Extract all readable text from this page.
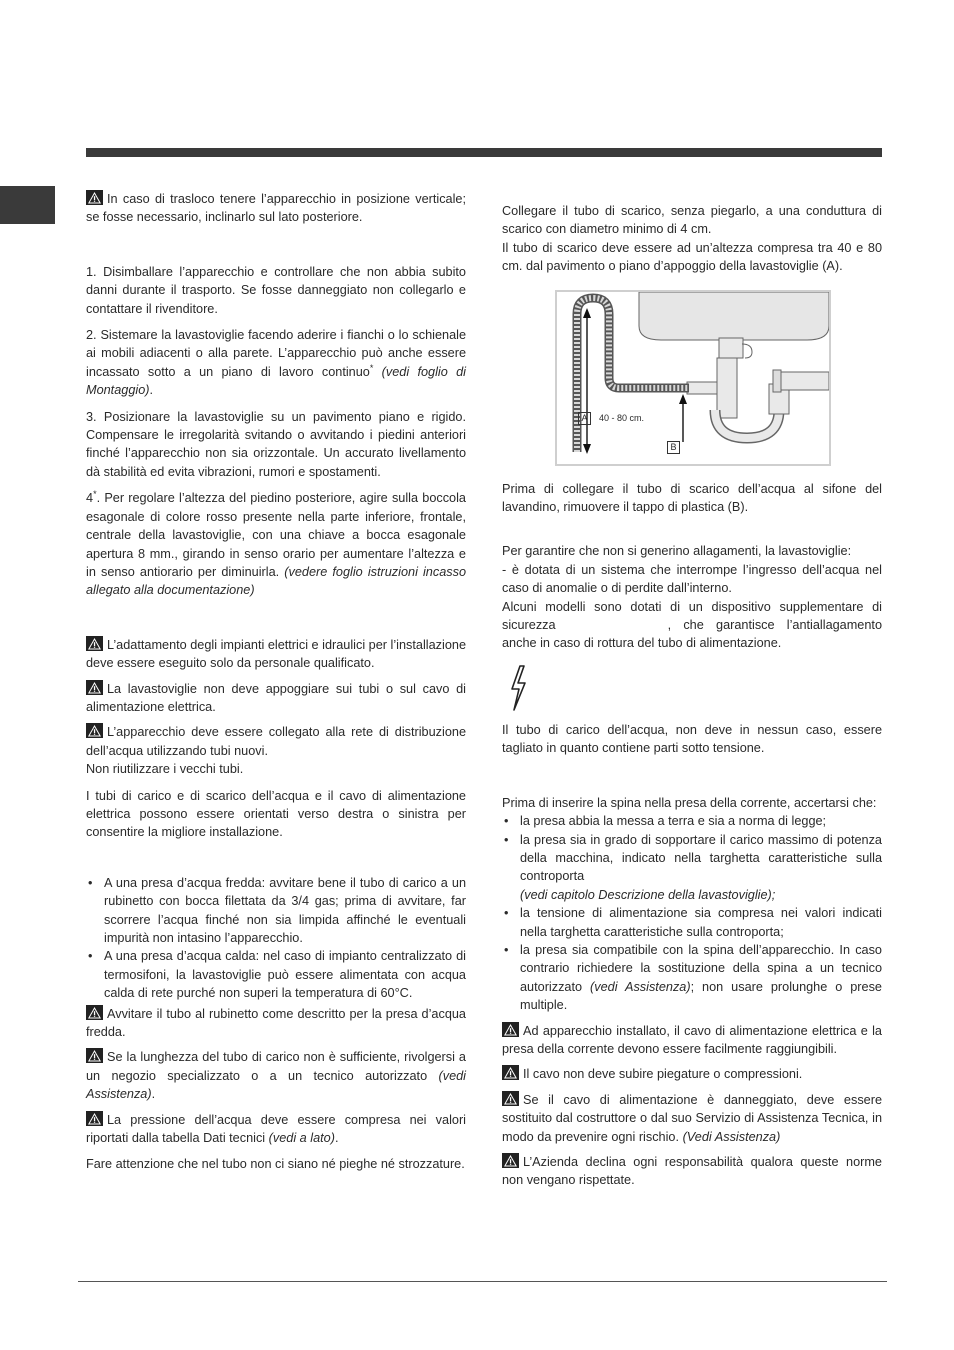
In caso di trasloco tenere l’apparecchio in posizione verticale; se fosse necessario, inclinarlo sul lato posteriore.

1. Disimballare l’apparecchio e controllare che non abbia subito danni durante il trasporto. Se fosse danneggiato non collegarlo e contattare il rivenditore.

2. Sistemare la lavastoviglie facendo aderire i fianchi o lo schienale ai mobili adiacenti o alla parete. L’apparecchio può anche essere incassato sotto a un piano di lavoro continuo* (vedi foglio di Montaggio).

3. Posizionare la lavastoviglie su un pavimento piano e rigido. Compensare le irregolarità svitando o avvitando i piedini anteriori finché l’apparecchio non sia orizzontale. Un accurato livellamento dà stabilità ed evita vibrazioni, rumori e spostamenti.

4*. Per regolare l’altezza del piedino posteriore, agire sulla boccola esagonale di colore rosso presente nella parte inferiore, frontale, centrale della lavastoviglie, con una chiave a bocca esagonale apertura 8 mm., girando in senso orario per aumentare l’altezza e in senso antiorario per diminuirla. (vedere foglio istruzioni incasso allegato alla documentazione)

L’adattamento degli impianti elettrici e idraulici per l’installazione deve essere eseguito solo da personale qualificato.

La lavastoviglie non deve appoggiare sui tubi o sul cavo di alimentazione elettrica.

L’apparecchio deve essere collegato alla rete di distribuzione dell’acqua utilizzando tubi nuovi.

Non riutilizzare i vecchi tubi.

I tubi di carico e di scarico dell’acqua e il cavo di alimentazione elettrica possono essere orientati verso destra o sinistra per consentire la migliore installazione.

• A una presa d’acqua fredda: avvitare bene il tubo di carico a un rubinetto con bocca filettata da 3/4 gas; prima di avvitare, far scorrere l’acqua finché non sia limpida affinché le eventuali impurità non intasino l’apparecchio.
• A una presa d’acqua calda: nel caso di impianto centralizzato di termosifoni, la lavastoviglie può essere alimentata con acqua calda di rete purché non superi la temperatura di 60°C.

Avvitare il tubo al rubinetto come descritto per la presa d’acqua fredda.

Se la lunghezza del tubo di carico non è sufficiente, rivolgersi a un negozio specializzato o a un tecnico autorizzato (vedi Assistenza).

La pressione dell’acqua deve essere compresa nei valori riportati dalla tabella Dati tecnici (vedi a lato).

Fare attenzione che nel tubo non ci siano né pieghe né strozzature.

Collegare il tubo di scarico, senza piegarlo, a una conduttura di scarico con diametro minimo di 4 cm.

Il tubo di scarico deve essere ad un’altezza compresa tra 40 e 80 cm. dal pavimento o piano d’appoggio della lavastoviglie (A).

A	40 - 80 cm.
B

Prima di collegare il tubo di scarico dell’acqua al sifone del lavandino, rimuovere il tappo di plastica (B).

Per garantire che non si generino allagamenti, la lavastoviglie:

- è dotata di un sistema che interrompe l’ingresso dell’acqua nel caso di anomalie o di perdite dall’interno.

Alcuni modelli sono dotati di un dispositivo supplementare di sicurezza	, che garantisce l’antiallagamento anche in caso di rottura del tubo di alimentazione.

Il tubo di carico dell’acqua, non deve in nessun caso, essere tagliato in quanto contiene parti sotto tensione.

Prima di inserire la spina nella presa della corrente, accertarsi che:

• la presa abbia la messa a terra e sia a norma di legge;
• la presa sia in grado di sopportare il carico massimo di potenza della macchina, indicato nella targhetta caratteristiche sulla controporta
(vedi capitolo Descrizione della lavastoviglie);
• la tensione di alimentazione sia compresa nei valori indicati nella targhetta caratteristiche sulla controporta;
• la presa sia compatibile con la spina dell’apparecchio. In caso contrario richiedere la sostituzione della spina a un tecnico autorizzato (vedi Assistenza); non usare prolunghe o prese multiple.

Ad apparecchio installato, il cavo di alimentazione elettrica e la presa della corrente devono essere facilmente raggiungibili.

Il cavo non deve subire piegature o compressioni.

Se il cavo di alimentazione è danneggiato, deve essere sostituito dal costruttore o dal suo Servizio di Assistenza Tecnica, in modo da prevenire ogni rischio. (Vedi Assistenza)

L’Azienda declina ogni responsabilità qualora queste norme non vengano rispettate.
